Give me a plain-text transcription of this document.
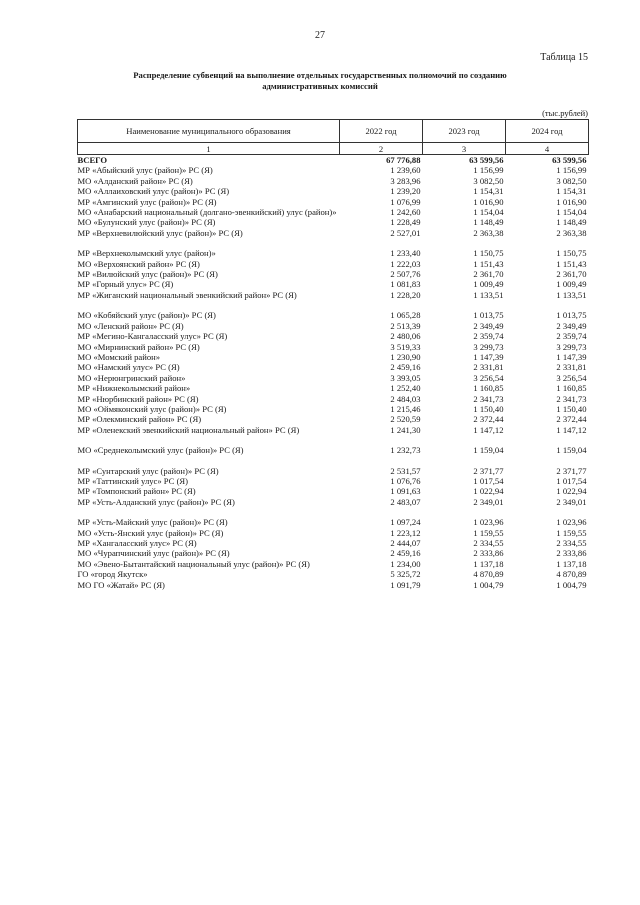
27
Таблица 15
Распределение субвенций на выполнение отдельных государственных полномочий по созданию административных комиссий
(тыс.рублей)
Наименование муниципального образования	2022 год	2023 год	2024 год
1	2	3	4
ВСЕГО	67 776,88	63 599,56	63 599,56
МР «Абыйский улус (район)» РС (Я)	1 239,60	1 156,99	1 156,99
МО «Алданский район» РС (Я)	3 283,96	3 082,50	3 082,50
МО «Аллаиховский улус (район)» РС (Я)	1 239,20	1 154,31	1 154,31
МР «Амгинский улус (район)» РС (Я)	1 076,99	1 016,90	1 016,90
МО «Анабарский национальный (долгано-эвенкийский) улус (район)»	1 242,60	1 154,04	1 154,04
МО «Булунский улус (район)» РС (Я)	1 228,49	1 148,49	1 148,49
МР «Верхневилюйский улус (район)» РС (Я)	2 527,01	2 363,38	2 363,38

МР «Верхнеколымский улус (район)»	1 233,40	1 150,75	1 150,75
МО «Верхоянский район» РС (Я)	1 222,03	1 151,43	1 151,43
МР «Вилюйский улус (район)» РС (Я)	2 507,76	2 361,70	2 361,70
МР «Горный улус» РС (Я)	1 081,83	1 009,49	1 009,49
МР «Жиганский национальный эвенкийский район» РС (Я)	1 228,20	1 133,51	1 133,51

МО «Кобяйский улус (район)» РС (Я)	1 065,28	1 013,75	1 013,75
МО «Ленский район» РС (Я)	2 513,39	2 349,49	2 349,49
МР «Мегино-Кангаласский улус» РС (Я)	2 480,06	2 359,74	2 359,74
МО «Мирнинский район» РС (Я)	3 519,33	3 299,73	3 299,73
МО «Момский район»	1 230,90	1 147,39	1 147,39
МО «Намский улус» РС (Я)	2 459,16	2 331,81	2 331,81
МО «Нерюнгринский район»	3 393,05	3 256,54	3 256,54
МР «Нижнеколымский район»	1 252,40	1 160,85	1 160,85
МР «Нюрбинский район» РС (Я)	2 484,03	2 341,73	2 341,73
МО «Оймяконский улус (район)» РС (Я)	1 215,46	1 150,40	1 150,40
МР «Олекминский район» РС (Я)	2 520,59	2 372,44	2 372,44
МР «Оленекский эвенкийский национальный район» РС (Я)	1 241,30	1 147,12	1 147,12

МО «Среднеколымский улус (район)» РС (Я)	1 232,73	1 159,04	1 159,04

МР «Сунтарский улус (район)» РС (Я)	2 531,57	2 371,77	2 371,77
МР «Таттинский улус» РС (Я)	1 076,76	1 017,54	1 017,54
МР «Томпонский район» РС (Я)	1 091,63	1 022,94	1 022,94
МР «Усть-Алданский улус (район)» РС (Я)	2 483,07	2 349,01	2 349,01

МР «Усть-Майский улус (район)» РС (Я)	1 097,24	1 023,96	1 023,96
МО «Усть-Янский улус (район)» РС (Я)	1 223,12	1 159,55	1 159,55
МР «Хангаласский улус» РС (Я)	2 444,07	2 334,55	2 334,55
МО «Чурапчинский улус (район)» РС (Я)	2 459,16	2 333,86	2 333,86
МО «Эвено-Бытантайский национальный улус (район)» РС (Я)	1 234,00	1 137,18	1 137,18
ГО «город Якутск»	5 325,72	4 870,89	4 870,89
МО ГО «Жатай» РС (Я)	1 091,79	1 004,79	1 004,79
